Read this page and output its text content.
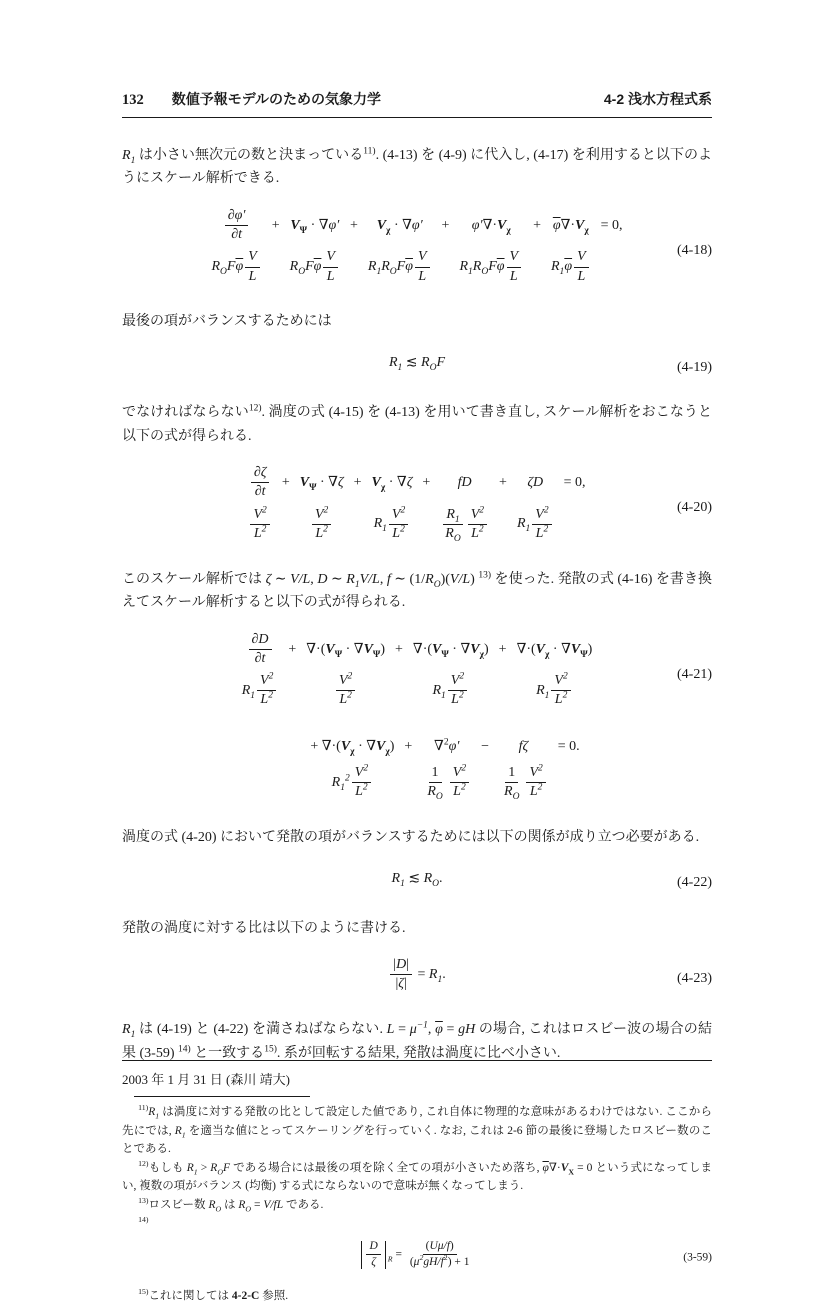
132 数値予報モデルのための気象力学	4-2 浅水方程式系

$R_1$ は小さい無次元の数と決まっている$^{11)}$. (4-13) を (4-9) に代入し, (4-17) を利用すると以下のようにスケール解析できる.

$\frac{\partial\varphi'}{\partial t}$	+	$V_\Psi \cdot \nabla\varphi'$	+	$V_\chi \cdot \nabla\varphi'$	+	$\varphi'\nabla\cdot V_\chi$	+	$\overline{\varphi}\nabla\cdot V_\chi$	= 0,
$R_OF\overline{\varphi} \frac{V}{L}$		$R_OF\overline{\varphi} \frac{V}{L}$		$R_1R_OF\overline{\varphi} \frac{V}{L}$		$R_1R_OF\overline{\varphi} \frac{V}{L}$		$R_1\overline{\varphi} \frac{V}{L}$
		(4-18)

最後の項がバランスするためには

$R_1$ ≲ $R_OF$	(4-19)

でなければならない$^{12)}$. 渦度の式 (4-15) を (4-13) を用いて書き直し, スケール解析をおこなうと以下の式が得られる.

$\frac{\partial\zeta}{\partial t}$	+	$V_\Psi \cdot \nabla\zeta$	+	$V_\chi \cdot \nabla\zeta$	+	fD	+	ζD	= 0,

$\frac{V^2}{L^2}$		$\frac{V^2}{L^2}$		$R_1 \frac{V^2}{L^2}$		$\frac{R_1}{R_O} \frac{V^2}{L^2}$		$R_1 \frac{V^2}{L^2}$
		(4-20)

このスケール解析では ζ ∼ V/L, D ∼ $R_1V/L$, f ∼ $(1/R_O)(V/L)$ $^{13)}$ を使った. 発散の式 (4-16) を書き換えてスケール解析すると以下の式が得られる.

$\frac{\partial D}{\partial t}$	+	$\nabla\cdot(V_\Psi \cdot \nabla V_\Psi)$	+	$\nabla\cdot(V_\Psi \cdot \nabla V_\chi)$	+	$\nabla\cdot(V_\chi \cdot \nabla V_\Psi)$
$R_1 \frac{V^2}{L^2}$		$\frac{V^2}{L^2}$		$R_1 \frac{V^2}{L^2}$		$R_1 \frac{V^2}{L^2}$	(4-21)
+ $\nabla\cdot(V_\chi \cdot \nabla V_\chi)$	+	∇$^2$φ′	−	fζ	= 0.
$R_1^2 \frac{V^2}{L^2}$		$\frac{1}{R_O} \frac{V^2}{L^2}$		$\frac{1}{R_O} \frac{V^2}{L^2}$

渦度の式 (4-20) において発散の項がバランスするためには以下の関係が成り立つ必要がある.

$R_1$ ≲ $R_O$.	(4-22)

発散の渦度に対する比は以下のように書ける.

$\frac{|D|}{|\zeta|} = R_1$.	(4-23)

$R_1$ は (4-19) と (4-22) を満さねばならない. $L = \mu^{-1}$, $\overline{\varphi}$ = gH の場合, これはロスビー波の場合の結果 (3-59) $^{14)}$ と一致する$^{15)}$. 系が回転する結果, 発散は渦度に比べ小さい.

$^{11)}R_1$ は渦度に対する発散の比として設定した値であり, これ自体に物理的な意味があるわけではない. ここから先にでは, $R_1$ を適当な値にとってスケーリングを行っていく. なお, これは 2-6 節の最後に登場したロスビー数のことである.

$^{12)}$もしも $R_1 > R_OF$ である場合には最後の項を除く全ての項が小さいため落ち, $\overline{\varphi}\nabla\cdot V_X = 0$ という式になってしまい, 複数の項がバランス (均衡) する式にならないので意味が無くなってしまう.

$^{13)}$ロスビー数 $R_O$ は $R_O = V/fL$ である.

$^{14)}$

$\frac{D}{\zeta} _R = \frac{(U\mu/f)}{(\mu^2gH/f^2) + 1}$	(3-59)

$^{15)}$これに関しては 4-2-C 参照.

2003 年 1 月 31 日 (森川 靖大)
